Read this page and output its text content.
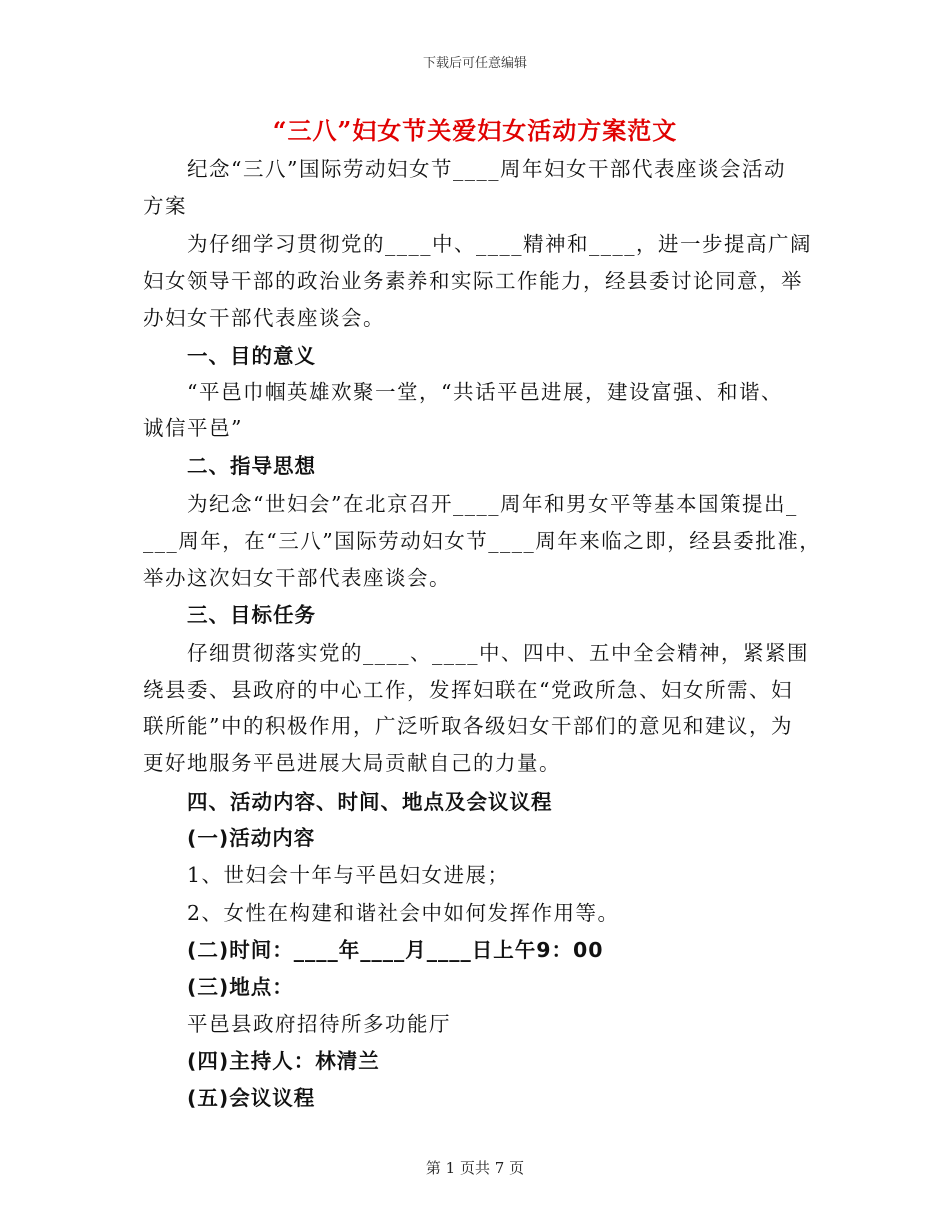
下载后可任意编辑
“三八”妇女节关爱妇女活动方案范文
纪念“三八”国际劳动妇女节____周年妇女干部代表座谈会活动
方案
为仔细学习贯彻党的____中、____精神和____，进一步提高广阔
妇女领导干部的政治业务素养和实际工作能力，经县委讨论同意，举
办妇女干部代表座谈会。
一、目的意义
“平邑巾帼英雄欢聚一堂，“共话平邑进展，建设富强、和谐、
诚信平邑”
二、指导思想
为纪念“世妇会”在北京召开____周年和男女平等基本国策提出_
___周年，在“三八”国际劳动妇女节____周年来临之即，经县委批准，
举办这次妇女干部代表座谈会。
三、目标任务
仔细贯彻落实党的____、____中、四中、五中全会精神，紧紧围
绕县委、县政府的中心工作，发挥妇联在“党政所急、妇女所需、妇
联所能”中的积极作用，广泛听取各级妇女干部们的意见和建议，为
更好地服务平邑进展大局贡献自己的力量。
四、活动内容、时间、地点及会议议程
(一)活动内容
1、世妇会十年与平邑妇女进展；
2、女性在构建和谐社会中如何发挥作用等。
(二)时间：____年____月____日上午9：00
(三)地点：
平邑县政府招待所多功能厅
(四)主持人：林清兰
(五)会议议程
第 1 页共 7 页
